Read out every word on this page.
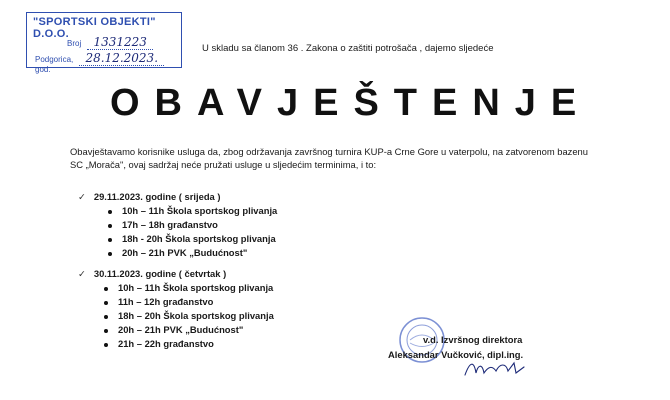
"SPORTSKI OBJEKTI" D.O.O.
Broj 1331223
Podgorica, 28.12.2023. god.
U skladu sa članom 36 . Zakona o zaštiti potrošača , dajemo sljedeće
OBAVJEŠTENJE
Obavještavamo korisnike usluga da, zbog održavanja završnog turnira KUP-a Crne Gore u vaterpolu, na zatvorenom bazenu
SC „Morača", ovaj sadržaj neće pružati usluge u sljedećim terminima, i to:
✓ 29.11.2023. godine ( srijeda )
10h – 11h Škola sportskog plivanja
17h – 18h građanstvo
18h - 20h Škola sportskog plivanja
20h – 21h PVK „Budućnost"
✓ 30.11.2023. godine ( četvrtak )
10h – 11h Škola sportskog plivanja
11h – 12h građanstvo
18h – 20h Škola sportskog plivanja
20h – 21h PVK „Budućnost"
21h – 22h građanstvo	v.d. Izvršnog direktora
Aleksandar Vučković, dipl.ing.
